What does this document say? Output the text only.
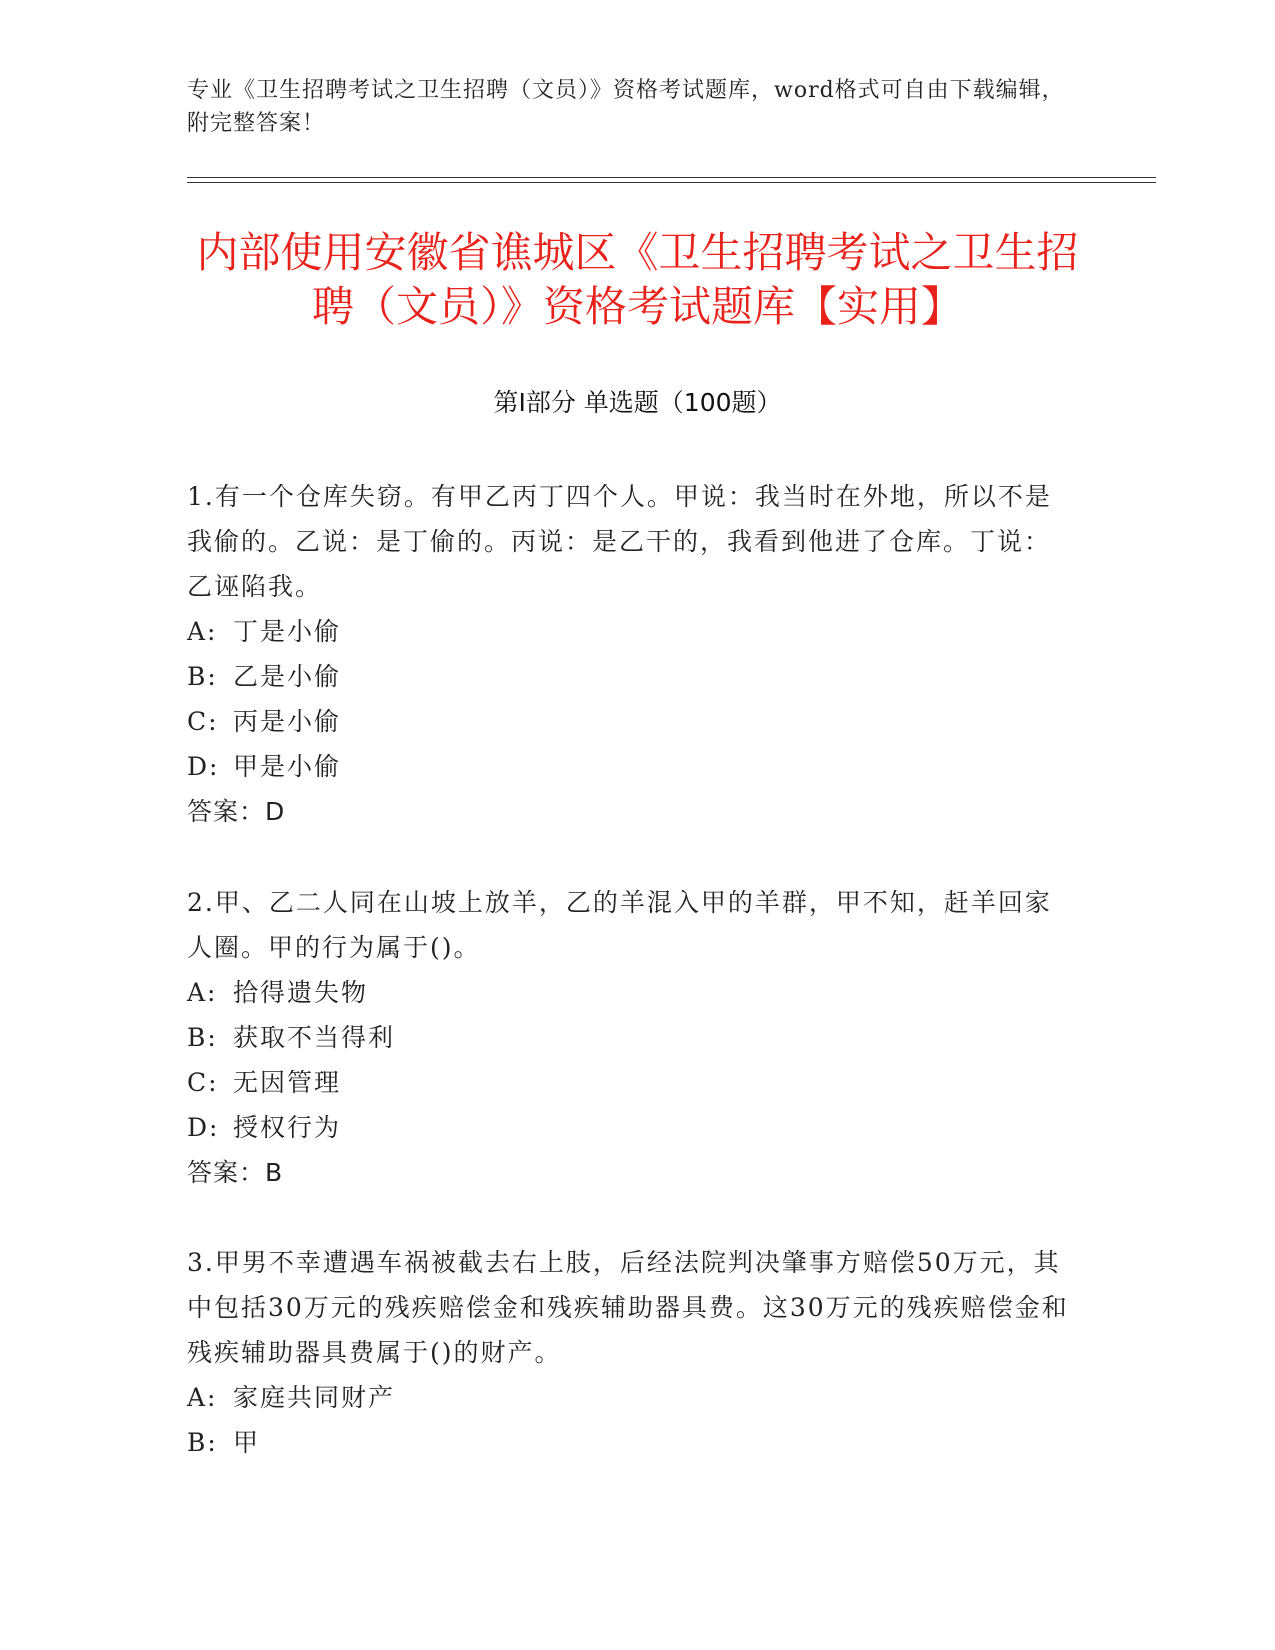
专业《卫生招聘考试之卫生招聘（文员）》资格考试题库，word格式可自由下载编辑，附完整答案！
内部使用安徽省谯城区《卫生招聘考试之卫生招聘（文员）》资格考试题库【实用】
第Ⅰ部分 单选题（100题）
1.有一个仓库失窃。有甲乙丙丁四个人。甲说：我当时在外地，所以不是我偷的。乙说：是丁偷的。丙说：是乙干的，我看到他进了仓库。丁说：乙诬陷我。
A: 丁是小偷
B: 乙是小偷
C: 丙是小偷
D: 甲是小偷
答案：D
2.甲、乙二人同在山坡上放羊，乙的羊混入甲的羊群，甲不知，赶羊回家人圈。甲的行为属于()。
A: 拾得遗失物
B: 获取不当得利
C: 无因管理
D: 授权行为
答案：B
3.甲男不幸遭遇车祸被截去右上肢，后经法院判决肇事方赔偿50万元，其中包括30万元的残疾赔偿金和残疾辅助器具费。这30万元的残疾赔偿金和残疾辅助器具费属于()的财产。
A: 家庭共同财产
B: 甲
